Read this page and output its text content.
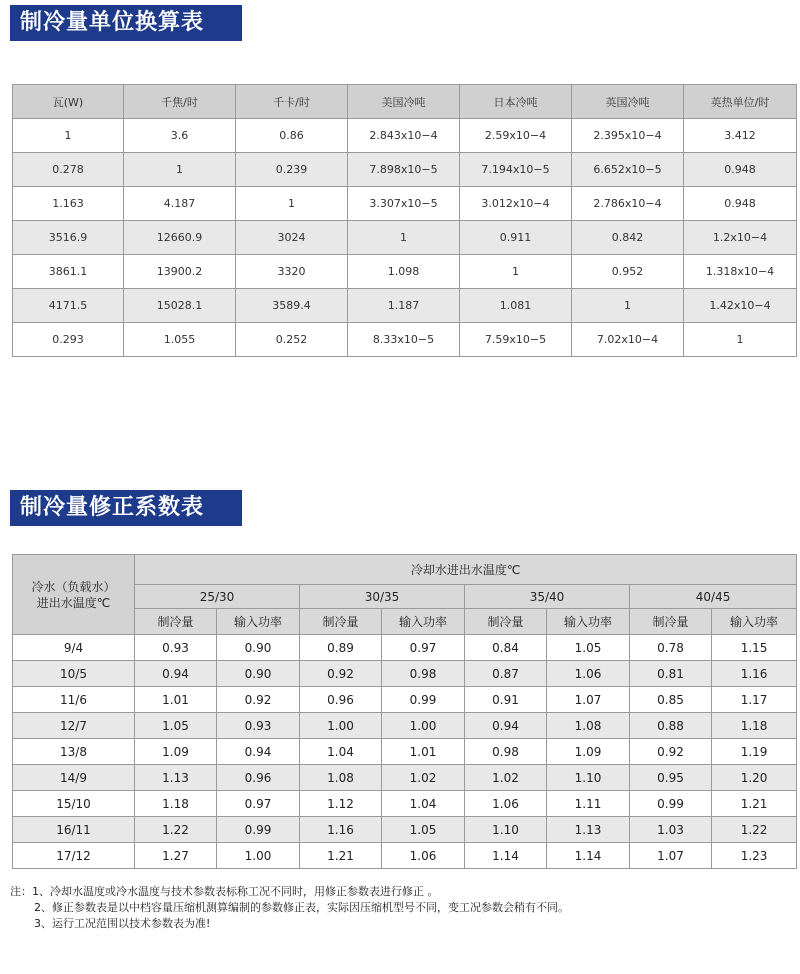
制冷量单位换算表
瓦(W)	千焦/时	千卡/时	美国冷吨	日本冷吨	英国冷吨	英热单位/时
1	3.6	0.86	2.843x10−4	2.59x10−4	2.395x10−4	3.412
0.278	1	0.239	7.898x10−5	7.194x10−5	6.652x10−5	0.948
1.163	4.187	1	3.307x10−5	3.012x10−4	2.786x10−4	0.948
3516.9	12660.9	3024	1	0.911	0.842	1.2x10−4
3861.1	13900.2	3320	1.098	1	0.952	1.318x10−4
4171.5	15028.1	3589.4	1.187	1.081	1	1.42x10−4
0.293	1.055	0.252	8.33x10−5	7.59x10−5	7.02x10−4	1
制冷量修正系数表
冷水（负载水）
进出水温度℃	冷却水进出水温度℃							
	25/30		30/35		35/40		40/45	
	制冷量	输入功率	制冷量	输入功率	制冷量	输入功率	制冷量	输入功率
9/4	0.93	0.90	0.89	0.97	0.84	1.05	0.78	1.15
10/5	0.94	0.90	0.92	0.98	0.87	1.06	0.81	1.16
11/6	1.01	0.92	0.96	0.99	0.91	1.07	0.85	1.17
12/7	1.05	0.93	1.00	1.00	0.94	1.08	0.88	1.18
13/8	1.09	0.94	1.04	1.01	0.98	1.09	0.92	1.19
14/9	1.13	0.96	1.08	1.02	1.02	1.10	0.95	1.20
15/10	1.18	0.97	1.12	1.04	1.06	1.11	0.99	1.21
16/11	1.22	0.99	1.16	1.05	1.10	1.13	1.03	1.22
17/12	1.27	1.00	1.21	1.06	1.14	1.14	1.07	1.23
注：1、冷却水温度或冷水温度与技术参数表标称工况不同时，用修正参数表进行修正 。
2、修正参数表是以中档容量压缩机测算编制的参数修正表，实际因压缩机型号不同，变工况参数会稍有不同。
3、运行工况范围以技术参数表为准!
